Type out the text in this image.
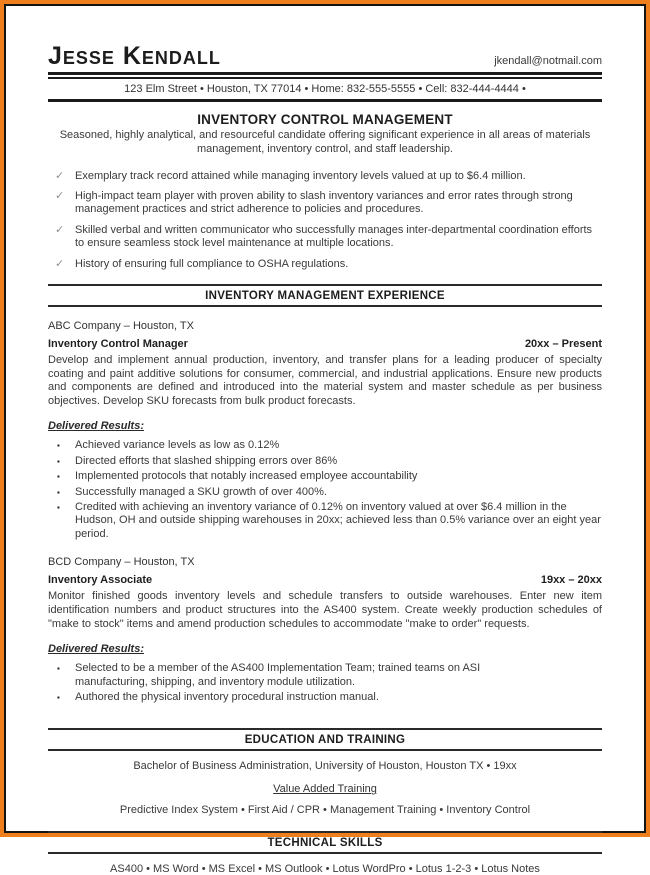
Jesse Kendall	jkendall@notmail.com
123 Elm Street • Houston, TX 77014 • Home: 832-555-5555 • Cell: 832-444-4444 •
INVENTORY CONTROL MANAGEMENT
Seasoned, highly analytical, and resourceful candidate offering significant experience in all areas of materials management, inventory control, and staff leadership.
✓ Exemplary track record attained while managing inventory levels valued at up to $6.4 million.
✓ High-impact team player with proven ability to slash inventory variances and error rates through strong management practices and strict adherence to policies and procedures.
✓ Skilled verbal and written communicator who successfully manages inter-departmental coordination efforts to ensure seamless stock level maintenance at multiple locations.
✓ History of ensuring full compliance to OSHA regulations.
INVENTORY MANAGEMENT EXPERIENCE
ABC Company – Houston, TX
Inventory Control Manager	20xx – Present
Develop and implement annual production, inventory, and transfer plans for a leading producer of specialty coating and paint additive solutions for consumer, commercial, and industrial applications. Ensure new products and components are defined and introduced into the material system and master schedule as per business objectives. Develop SKU forecasts from bulk product forecasts.
Delivered Results:
▪	Achieved variance levels as low as 0.12%
▪	Directed efforts that slashed shipping errors over 86%
▪	Implemented protocols that notably increased employee accountability
▪	Successfully managed a SKU growth of over 400%.
▪	Credited with achieving an inventory variance of 0.12% on inventory valued at over $6.4 million in the Hudson, OH and outside shipping warehouses in 20xx; achieved less than 0.5% variance over an eight year period.
BCD Company – Houston, TX
Inventory Associate	19xx – 20xx
Monitor finished goods inventory levels and schedule transfers to outside warehouses. Enter new item identification numbers and product structures into the AS400 system. Create weekly production schedules of "make to stock" items and amend production schedules to accommodate "make to order" requests.
Delivered Results:
▪	Selected to be a member of the AS400 Implementation Team; trained teams on ASI manufacturing, shipping, and inventory module utilization.
▪	Authored the physical inventory procedural instruction manual.
EDUCATION AND TRAINING
Bachelor of Business Administration, University of Houston, Houston TX • 19xx
Value Added Training
Predictive Index System • First Aid / CPR • Management Training • Inventory Control
TECHNICAL SKILLS
AS400 • MS Word • MS Excel • MS Outlook • Lotus WordPro • Lotus 1-2-3 • Lotus Notes
